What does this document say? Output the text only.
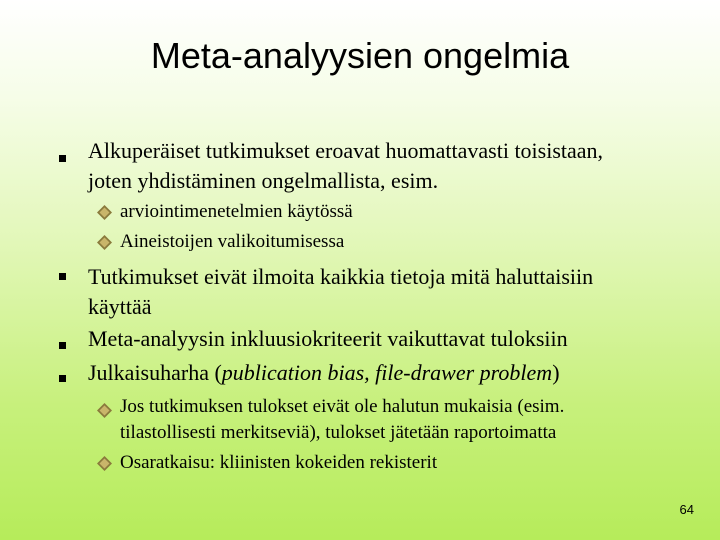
Meta-analyysien ongelmia
Alkuperäiset tutkimukset eroavat huomattavasti toisistaan,
joten yhdistäminen ongelmallista, esim.
arviointimenetelmien käytössä
Aineistoijen valikoitumisessa
Tutkimukset eivät ilmoita kaikkia tietoja mitä haluttaisiin
käyttää
Meta-analyysin inkluusiokriteerit vaikuttavat tuloksiin
Julkaisuharha (publication bias, file-drawer problem)
Jos tutkimuksen tulokset eivät ole halutun mukaisia (esim.
tilastollisesti merkitseviä), tulokset jätetään raportoimatta
Osaratkaisu: kliinisten kokeiden rekisterit
64
